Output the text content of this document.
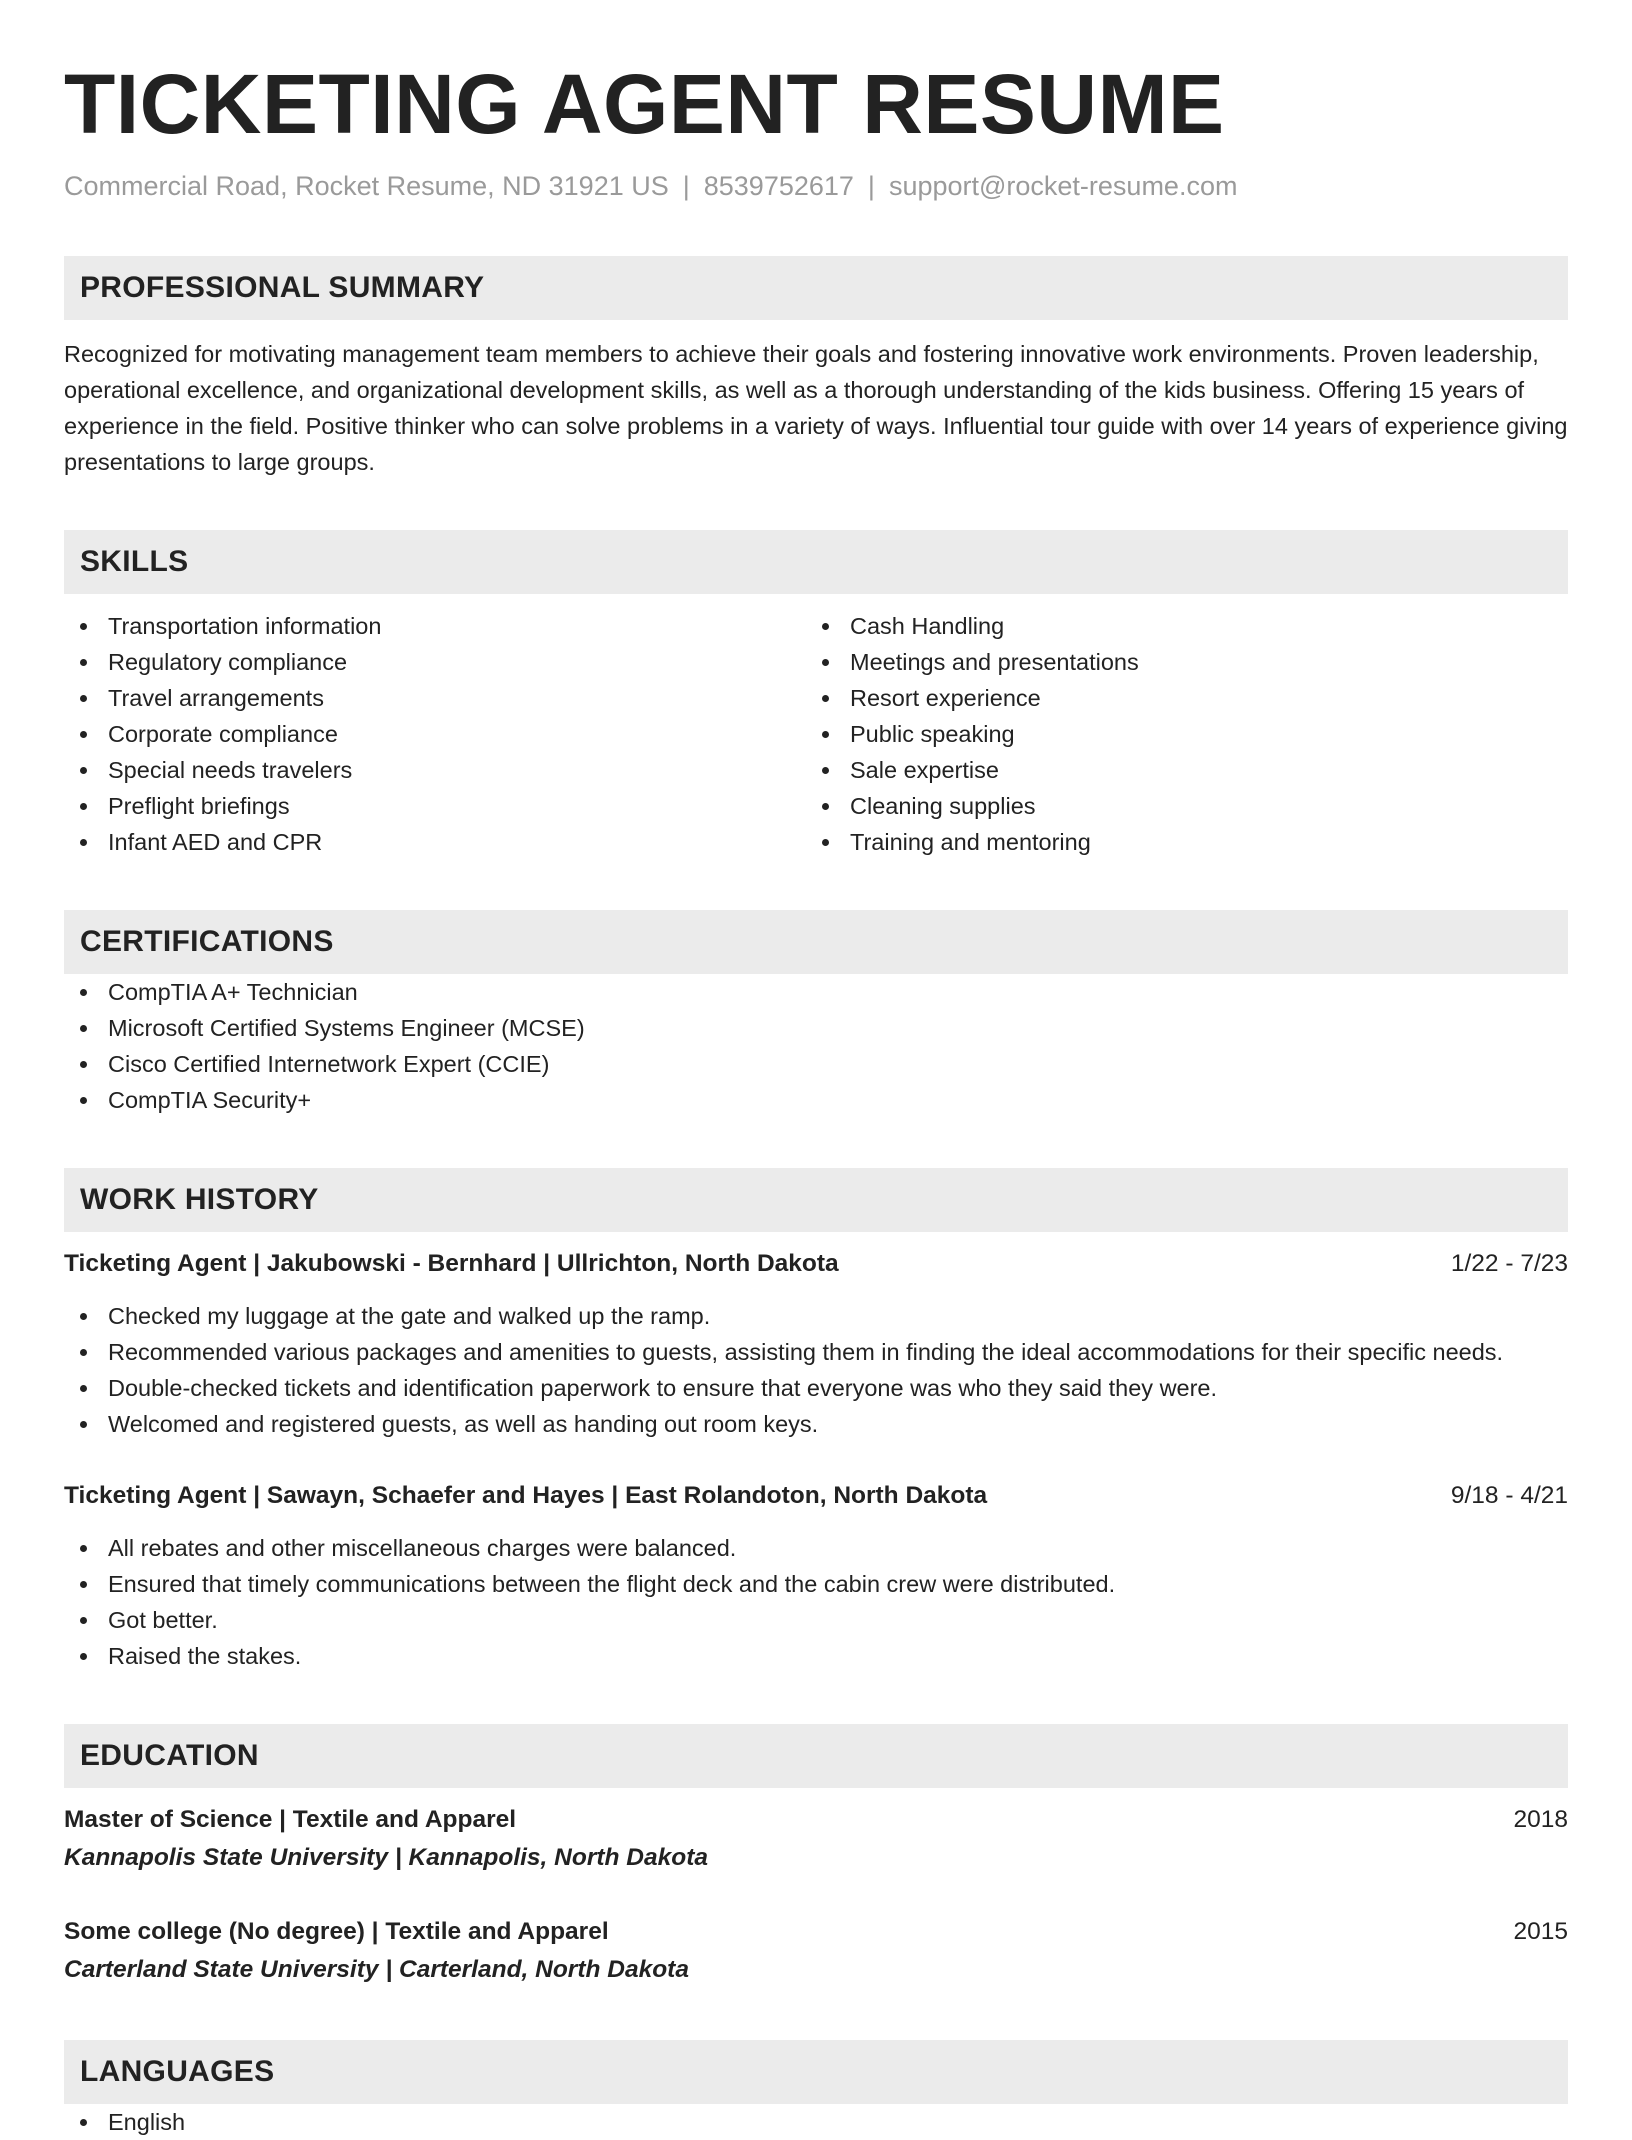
TICKETING AGENT RESUME
Commercial Road, Rocket Resume, ND 31921 US | 8539752617 | support@rocket-resume.com
PROFESSIONAL SUMMARY
Recognized for motivating management team members to achieve their goals and fostering innovative work environments. Proven leadership, operational excellence, and organizational development skills, as well as a thorough understanding of the kids business. Offering 15 years of experience in the field. Positive thinker who can solve problems in a variety of ways. Influential tour guide with over 14 years of experience giving presentations to large groups.
SKILLS
Transportation information
Regulatory compliance
Travel arrangements
Corporate compliance
Special needs travelers
Preflight briefings
Infant AED and CPR
Cash Handling
Meetings and presentations
Resort experience
Public speaking
Sale expertise
Cleaning supplies
Training and mentoring
CERTIFICATIONS
CompTIA A+ Technician
Microsoft Certified Systems Engineer (MCSE)
Cisco Certified Internetwork Expert (CCIE)
CompTIA Security+
WORK HISTORY
Ticketing Agent | Jakubowski - Bernhard | Ullrichton, North Dakota	1/22 - 7/23
Checked my luggage at the gate and walked up the ramp.
Recommended various packages and amenities to guests, assisting them in finding the ideal accommodations for their specific needs.
Double-checked tickets and identification paperwork to ensure that everyone was who they said they were.
Welcomed and registered guests, as well as handing out room keys.
Ticketing Agent | Sawayn, Schaefer and Hayes | East Rolandoton, North Dakota	9/18 - 4/21
All rebates and other miscellaneous charges were balanced.
Ensured that timely communications between the flight deck and the cabin crew were distributed.
Got better.
Raised the stakes.
EDUCATION
Master of Science | Textile and Apparel	2018
Kannapolis State University | Kannapolis, North Dakota
Some college (No degree) | Textile and Apparel	2015
Carterland State University | Carterland, North Dakota
LANGUAGES
English
